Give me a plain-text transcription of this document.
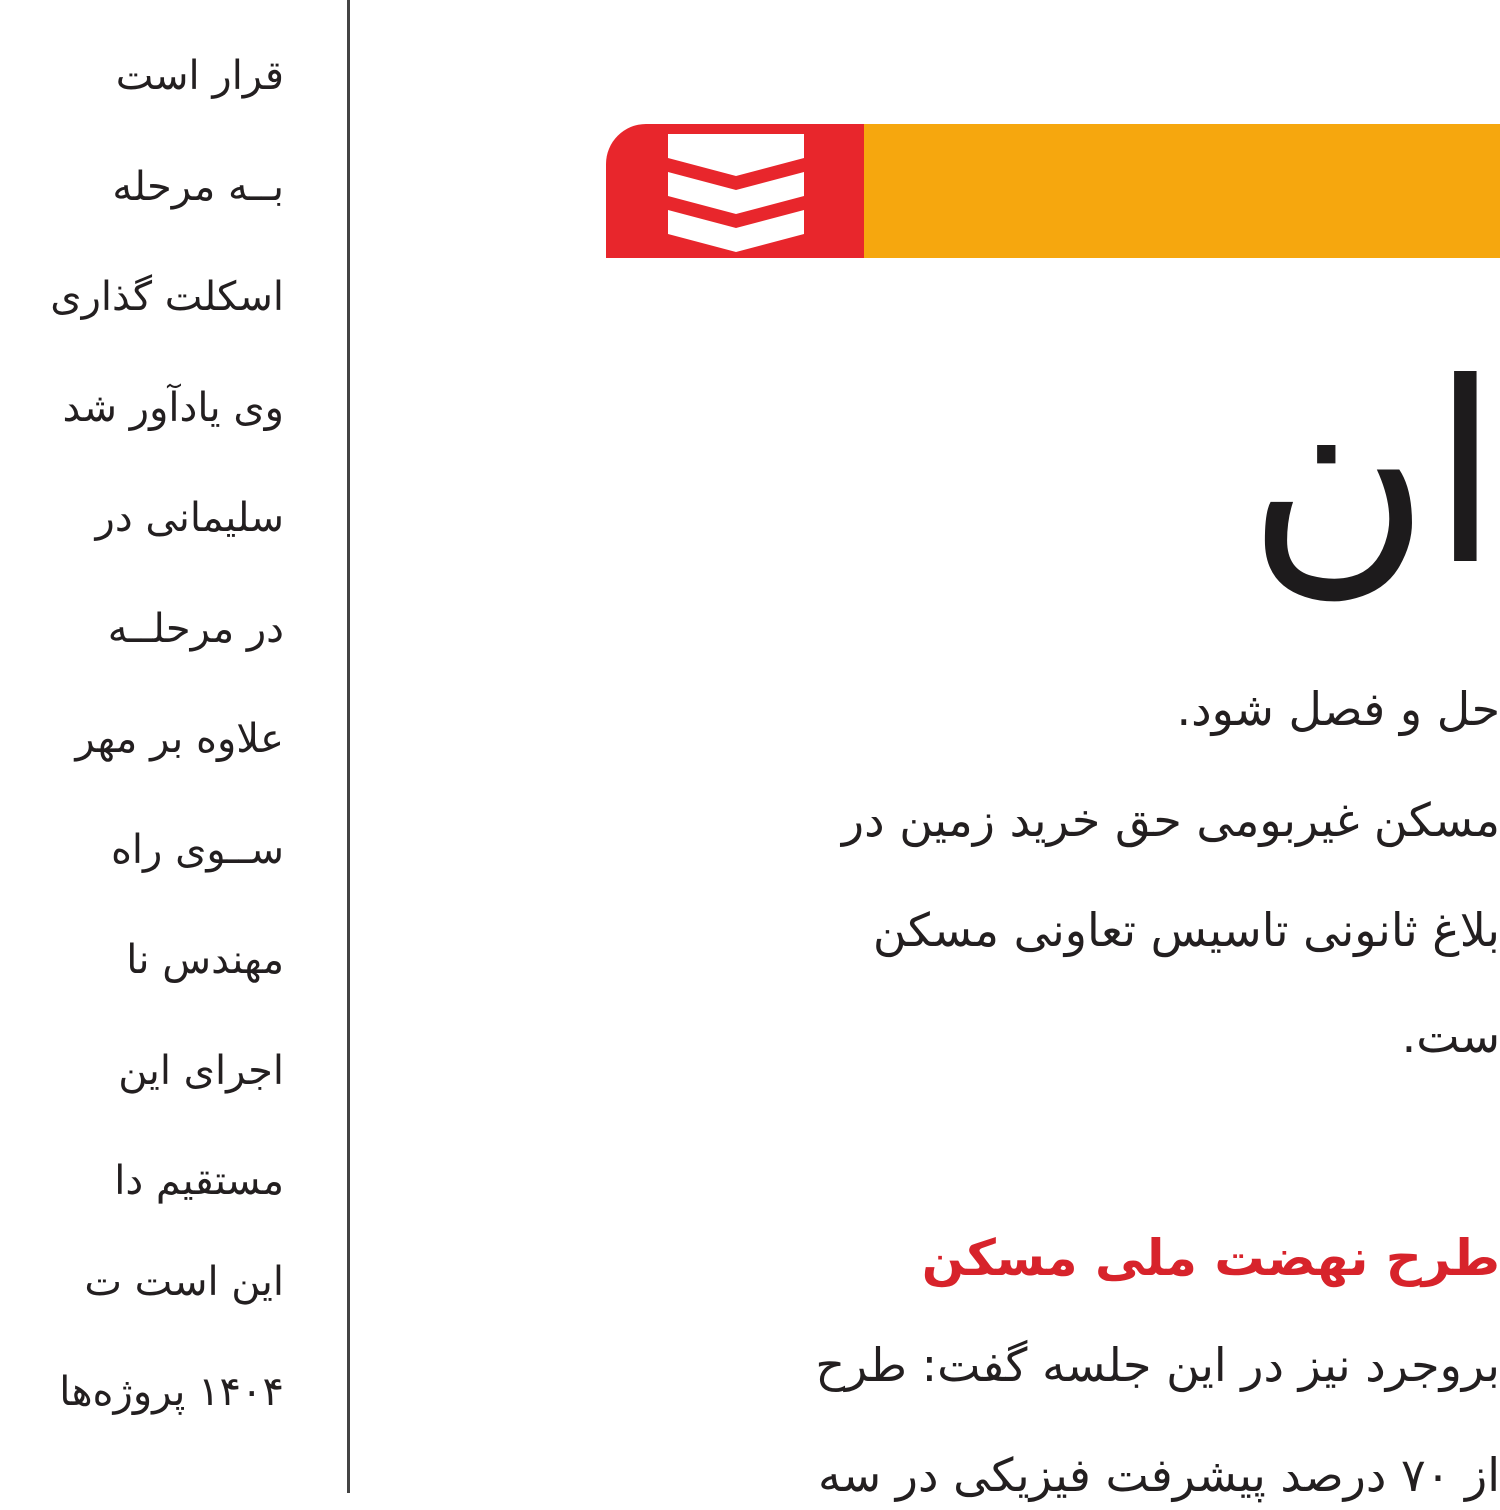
قرار است
بــه مرحله
اسکلت گذاری
وی یادآور شد
سلیمانی در
در مرحلــه
علاوه بر مهر
ســوی راه
مهندس نا
اجرای این
مستقیم دا
این است ت
۱۴۰۴ پروژه‌ها
ان
حل و فصل شود.
مسکن غیربومی حق خرید زمین در
بلاغ ثانونی تاسیس تعاونی مسکن
ست.
طرح نهضت ملی مسکن
بروجرد نیز در این جلسه گفت: طرح
از ۷۰ درصد پیشرفت فیزیکی در سه
